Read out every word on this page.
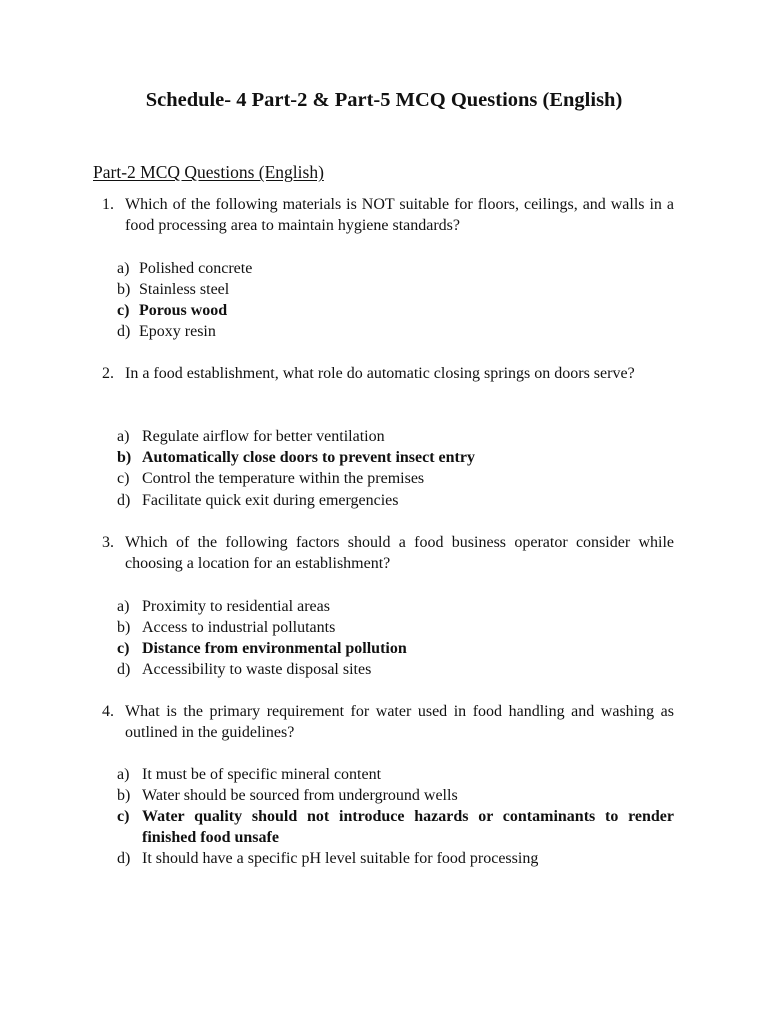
Schedule- 4 Part-2 & Part-5 MCQ Questions (English)
Part-2 MCQ Questions (English)
1. Which of the following materials is NOT suitable for floors, ceilings, and walls in a food processing area to maintain hygiene standards?
a) Polished concrete
b) Stainless steel
c) Porous wood
d) Epoxy resin
2. In a food establishment, what role do automatic closing springs on doors serve?
a) Regulate airflow for better ventilation
b) Automatically close doors to prevent insect entry
c) Control the temperature within the premises
d) Facilitate quick exit during emergencies
3. Which of the following factors should a food business operator consider while choosing a location for an establishment?
a) Proximity to residential areas
b) Access to industrial pollutants
c) Distance from environmental pollution
d) Accessibility to waste disposal sites
4. What is the primary requirement for water used in food handling and washing as outlined in the guidelines?
a) It must be of specific mineral content
b) Water should be sourced from underground wells
c) Water quality should not introduce hazards or contaminants to render finished food unsafe
d) It should have a specific pH level suitable for food processing
